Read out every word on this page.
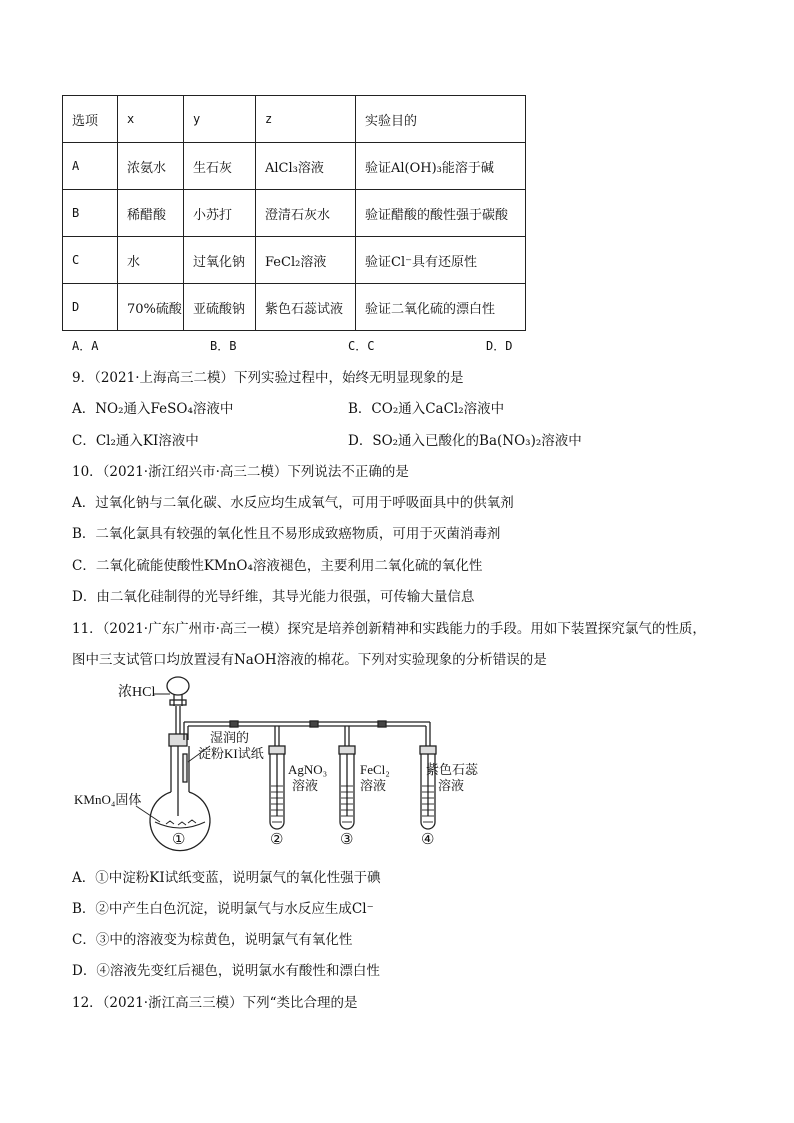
选项	x	y	z	实验目的
A	浓氨水	生石灰	AlCl₃溶液	验证Al(OH)₃能溶于碱
B	稀醋酸	小苏打	澄清石灰水	验证醋酸的酸性强于碳酸
C	水	过氧化钠	FeCl₂溶液	验证Cl⁻具有还原性
D	70%硫酸	亚硫酸钠	紫色石蕊试液	验证二氧化硫的漂白性
A．A	B．B	C．C	D．D
9．（2021·上海高三二模）下列实验过程中，始终无明显现象的是
A．NO₂通入FeSO₄溶液中	B．CO₂通入CaCl₂溶液中
C．Cl₂通入KI溶液中	D．SO₂通入已酸化的Ba(NO₃)₂溶液中
10．（2021·浙江绍兴市·高三二模）下列说法不正确的是
A．过氧化钠与二氧化碳、水反应均生成氧气，可用于呼吸面具中的供氧剂
B．二氧化氯具有较强的氧化性且不易形成致癌物质，可用于灭菌消毒剂
C．二氧化硫能使酸性KMnO₄溶液褪色，主要利用二氧化硫的氧化性
D．由二氧化硅制得的光导纤维，其导光能力很强，可传输大量信息
11．（2021·广东广州市·高三一模）探究是培养创新精神和实践能力的手段。用如下装置探究氯气的性质，
图中三支试管口均放置浸有NaOH溶液的棉花。下列对实验现象的分析错误的是
浓HCl
湿润的
淀粉KI试纸
KMnO₄固体
AgNO₃
溶液
FeCl₂
溶液
紫色石蕊
溶液
①	②	③	④
A．①中淀粉KI试纸变蓝，说明氯气的氧化性强于碘
B．②中产生白色沉淀，说明氯气与水反应生成Cl⁻
C．③中的溶液变为棕黄色，说明氯气有氧化性
D．④溶液先变红后褪色，说明氯水有酸性和漂白性
12．（2021·浙江高三三模）下列“类比合理的是
